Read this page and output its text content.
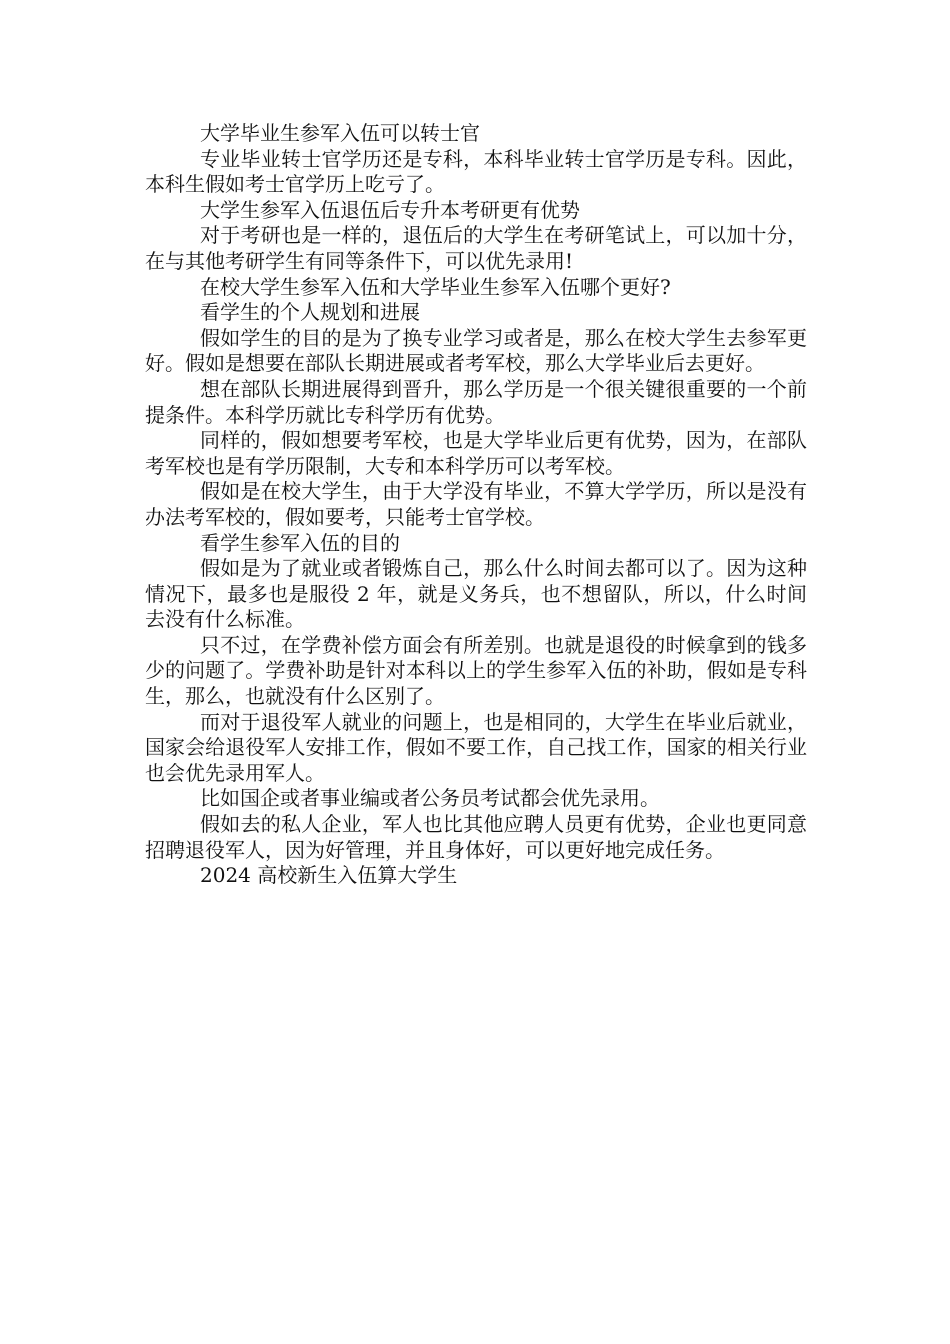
大学毕业生参军入伍可以转士官

专业毕业转士官学历还是专科，本科毕业转士官学历是专科。因此，本科生假如考士官学历上吃亏了。

大学生参军入伍退伍后专升本考研更有优势

对于考研也是一样的，退伍后的大学生在考研笔试上，可以加十分，在与其他考研学生有同等条件下，可以优先录用!

在校大学生参军入伍和大学毕业生参军入伍哪个更好?

看学生的个人规划和进展

假如学生的目的是为了换专业学习或者是，那么在校大学生去参军更好。假如是想要在部队长期进展或者考军校，那么大学毕业后去更好。

想在部队长期进展得到晋升，那么学历是一个很关键很重要的一个前提条件。本科学历就比专科学历有优势。

同样的，假如想要考军校，也是大学毕业后更有优势，因为，在部队考军校也是有学历限制，大专和本科学历可以考军校。

假如是在校大学生，由于大学没有毕业，不算大学学历，所以是没有办法考军校的，假如要考，只能考士官学校。

看学生参军入伍的目的

假如是为了就业或者锻炼自己，那么什么时间去都可以了。因为这种情况下，最多也是服役 2 年，就是义务兵，也不想留队，所以，什么时间去没有什么标准。

只不过，在学费补偿方面会有所差别。也就是退役的时候拿到的钱多少的问题了。学费补助是针对本科以上的学生参军入伍的补助，假如是专科生，那么，也就没有什么区别了。

而对于退役军人就业的问题上，也是相同的，大学生在毕业后就业，国家会给退役军人安排工作，假如不要工作，自己找工作，国家的相关行业也会优先录用军人。

比如国企或者事业编或者公务员考试都会优先录用。

假如去的私人企业，军人也比其他应聘人员更有优势，企业也更同意招聘退役军人，因为好管理，并且身体好，可以更好地完成任务。

2024 高校新生入伍算大学生
